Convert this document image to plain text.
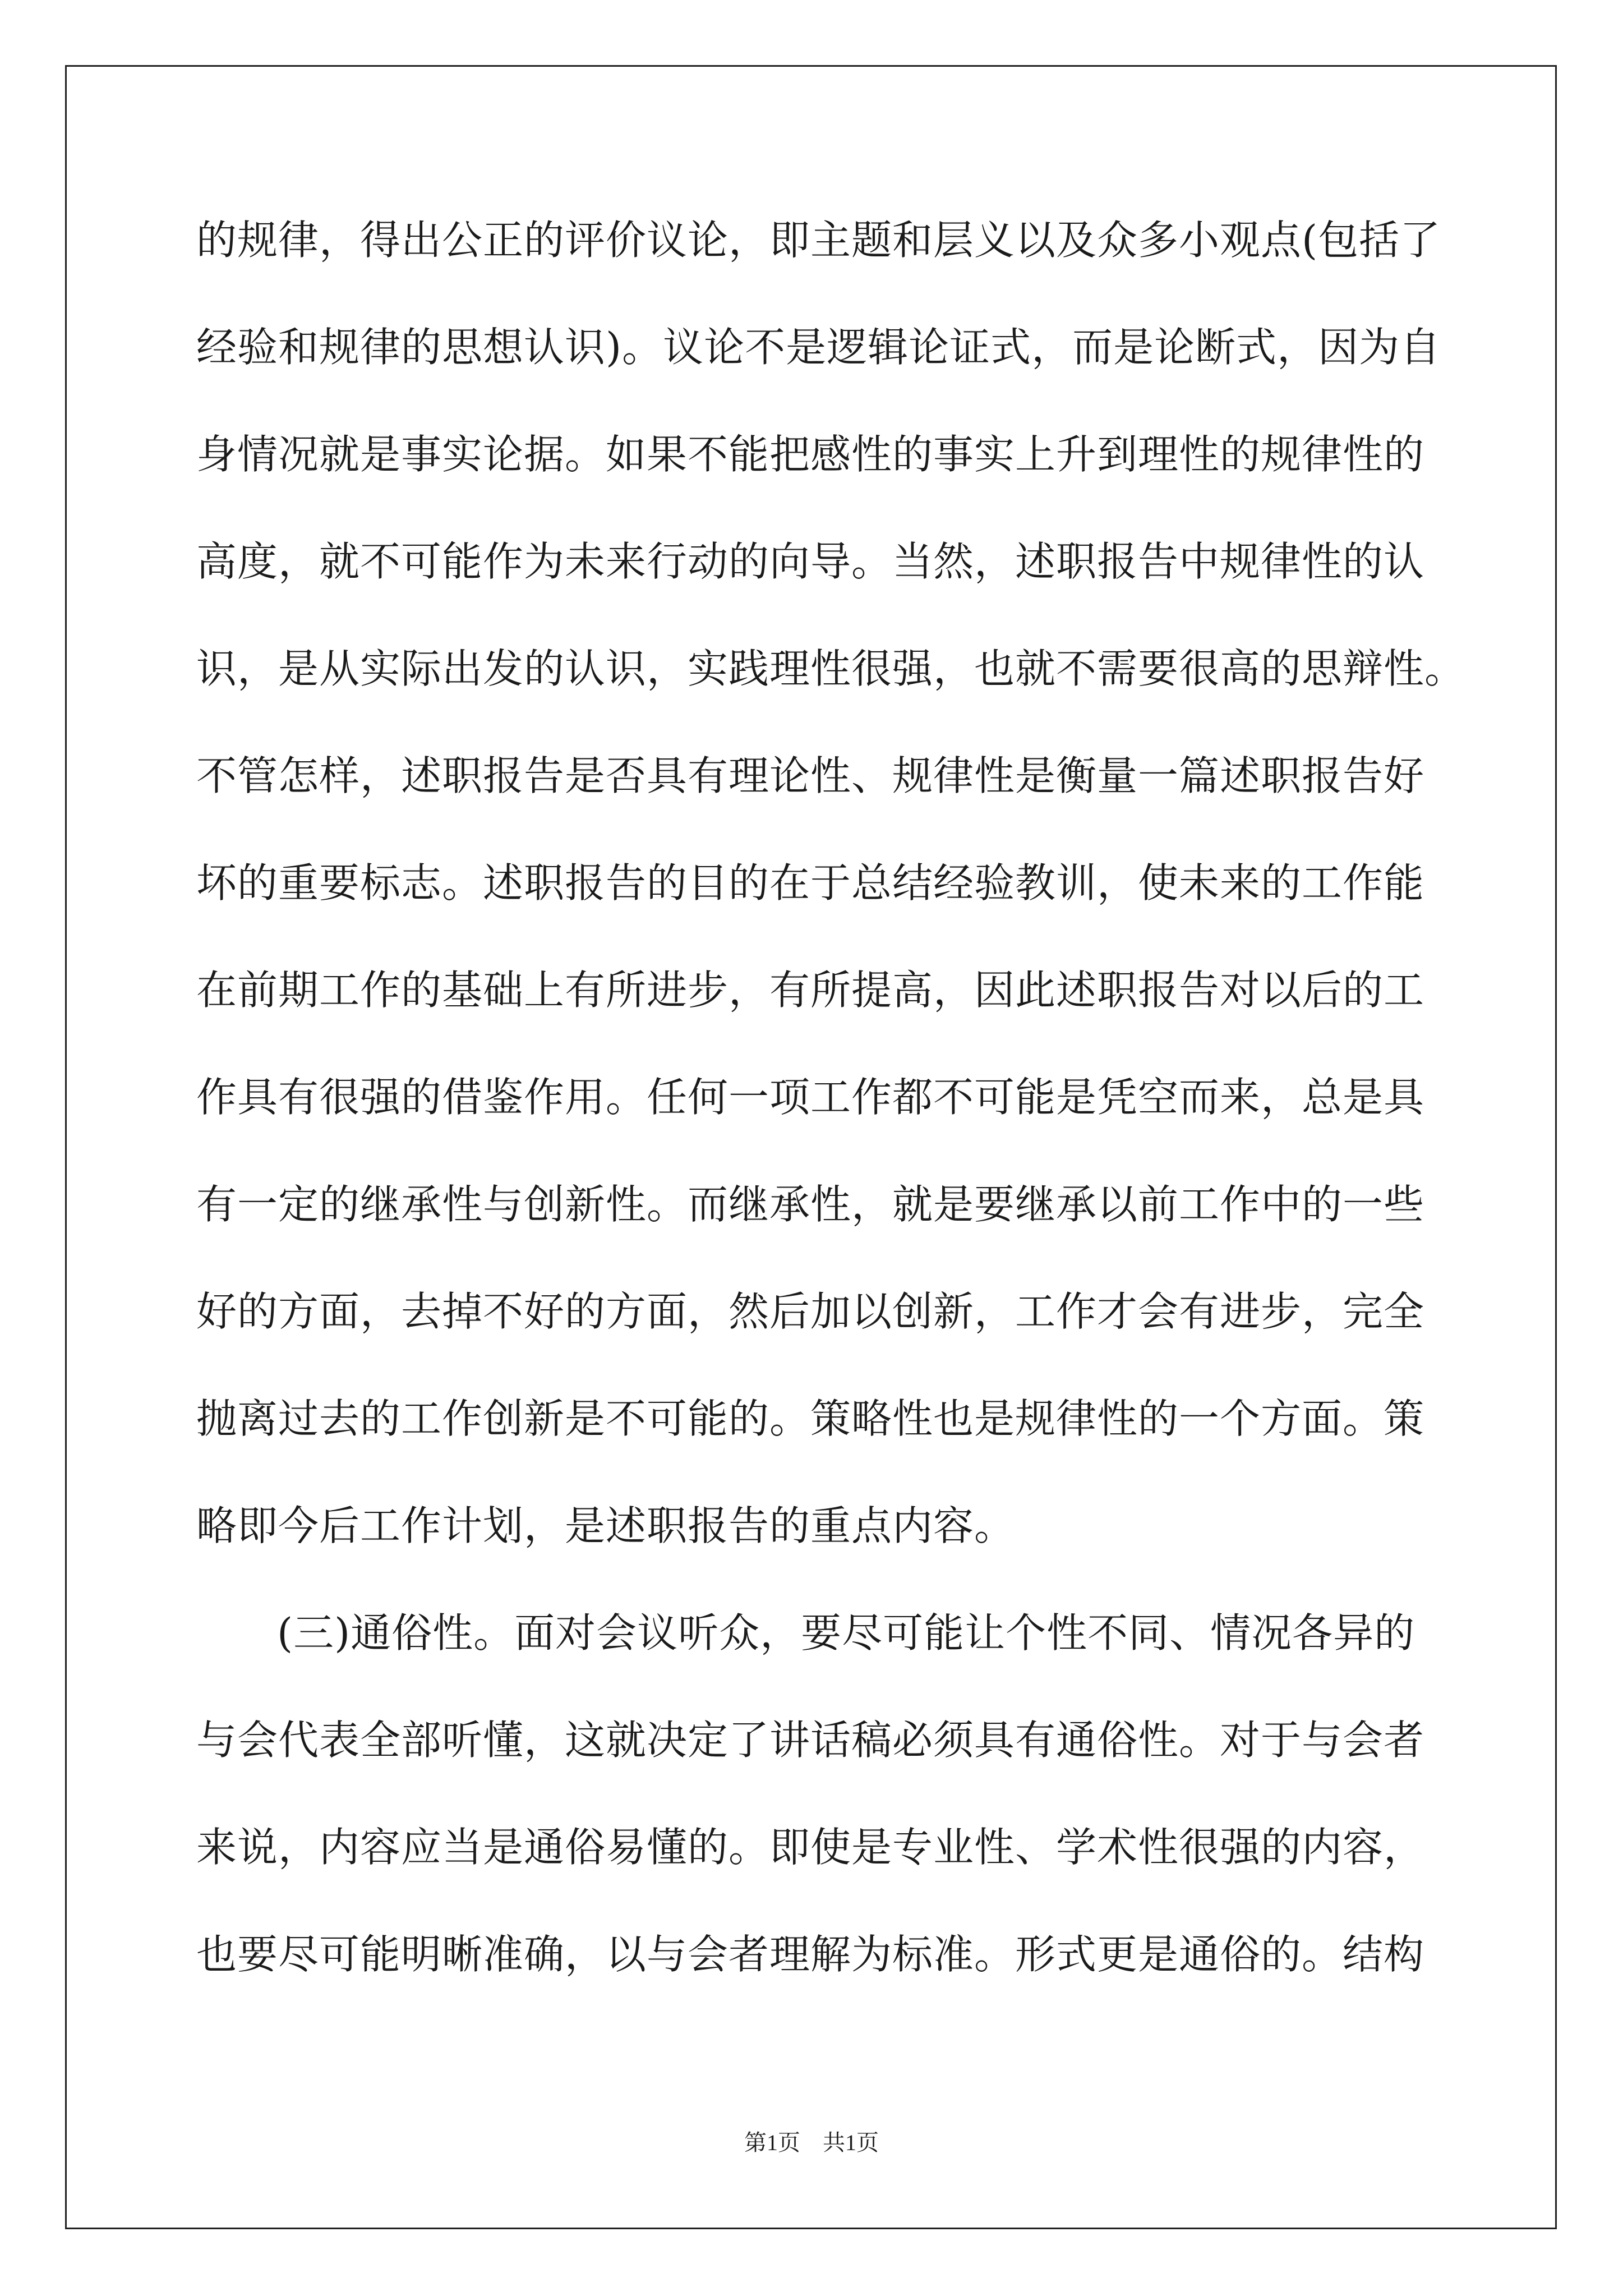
的规律，得出公正的评价议论，即主题和层义以及众多小观点(包括了
经验和规律的思想认识)。议论不是逻辑论证式，而是论断式，因为自
身情况就是事实论据。如果不能把感性的事实上升到理性的规律性的
高度，就不可能作为未来行动的向导。当然，述职报告中规律性的认
识，是从实际出发的认识，实践理性很强，也就不需要很高的思辩性。
不管怎样，述职报告是否具有理论性、规律性是衡量一篇述职报告好
坏的重要标志。述职报告的目的在于总结经验教训，使未来的工作能
在前期工作的基础上有所进步，有所提高，因此述职报告对以后的工
作具有很强的借鉴作用。任何一项工作都不可能是凭空而来，总是具
有一定的继承性与创新性。而继承性，就是要继承以前工作中的一些
好的方面，去掉不好的方面，然后加以创新，工作才会有进步，完全
抛离过去的工作创新是不可能的。策略性也是规律性的一个方面。策
略即今后工作计划，是述职报告的重点内容。
(三)通俗性。面对会议听众，要尽可能让个性不同、情况各异的
与会代表全部听懂，这就决定了讲话稿必须具有通俗性。对于与会者
来说，内容应当是通俗易懂的。即使是专业性、学术性很强的内容，
也要尽可能明晰准确，以与会者理解为标准。形式更是通俗的。结构
第1页 共1页
